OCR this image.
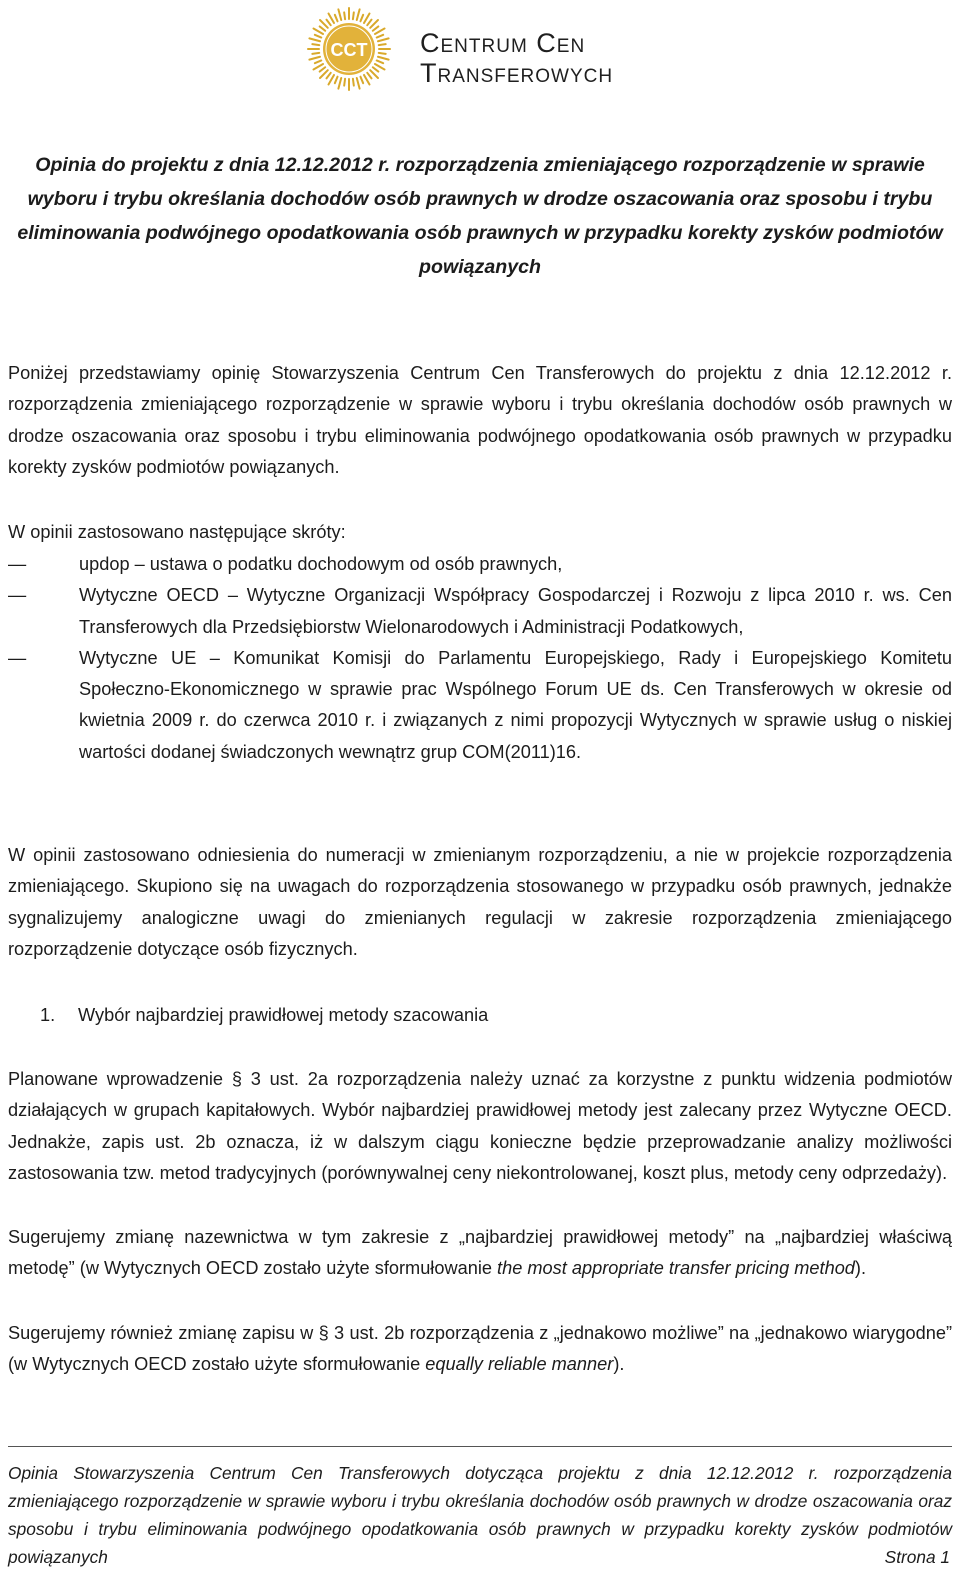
CCT Centrum Cen
Transferowych
Opinia do projektu z dnia 12.12.2012 r. rozporządzenia zmieniającego rozporządzenie w sprawie wyboru i trybu określania dochodów osób prawnych w drodze oszacowania oraz sposobu i trybu eliminowania podwójnego opodatkowania osób prawnych w przypadku korekty zysków podmiotów powiązanych

Poniżej przedstawiamy opinię Stowarzyszenia Centrum Cen Transferowych do projektu z dnia 12.12.2012 r. rozporządzenia zmieniającego rozporządzenie w sprawie wyboru i trybu określania dochodów osób prawnych w drodze oszacowania oraz sposobu i trybu eliminowania podwójnego opodatkowania osób prawnych w przypadku korekty zysków podmiotów powiązanych.

W opinii zastosowano następujące skróty:

—	updop – ustawa o podatku dochodowym od osób prawnych,
—	Wytyczne OECD – Wytyczne Organizacji Współpracy Gospodarczej i Rozwoju z lipca 2010 r. ws. Cen Transferowych dla Przedsiębiorstw Wielonarodowych i Administracji Podatkowych,
—	Wytyczne UE – Komunikat Komisji do Parlamentu Europejskiego, Rady i Europejskiego Komitetu Społeczno-Ekonomicznego w sprawie prac Wspólnego Forum UE ds. Cen Transferowych w okresie od kwietnia 2009 r. do czerwca 2010 r. i związanych z nimi propozycji Wytycznych w sprawie usług o niskiej wartości dodanej świadczonych wewnątrz grup COM(2011)16.

W opinii zastosowano odniesienia do numeracji w zmienianym rozporządzeniu, a nie w projekcie rozporządzenia zmieniającego. Skupiono się na uwagach do rozporządzenia stosowanego w przypadku osób prawnych, jednakże sygnalizujemy analogiczne uwagi do zmienianych regulacji w zakresie rozporządzenia zmieniającego rozporządzenie dotyczące osób fizycznych.

1. Wybór najbardziej prawidłowej metody szacowania

Planowane wprowadzenie § 3 ust. 2a rozporządzenia należy uznać za korzystne z punktu widzenia podmiotów działających w grupach kapitałowych. Wybór najbardziej prawidłowej metody jest zalecany przez Wytyczne OECD. Jednakże, zapis ust. 2b oznacza, iż w dalszym ciągu konieczne będzie przeprowadzanie analizy możliwości zastosowania tzw. metod tradycyjnych (porównywalnej ceny niekontrolowanej, koszt plus, metody ceny odprzedaży).

Sugerujemy zmianę nazewnictwa w tym zakresie z „najbardziej prawidłowej metody” na „najbardziej właściwą metodę” (w Wytycznych OECD zostało użyte sformułowanie the most appropriate transfer pricing method).

Sugerujemy również zmianę zapisu w § 3 ust. 2b rozporządzenia z „jednakowo możliwe” na „jednakowo wiarygodne” (w Wytycznych OECD zostało użyte sformułowanie equally reliable manner).

Opinia Stowarzyszenia Centrum Cen Transferowych dotycząca projektu z dnia 12.12.2012 r. rozporządzenia zmieniającego rozporządzenie w sprawie wyboru i trybu określania dochodów osób prawnych w drodze oszacowania oraz sposobu i trybu eliminowania podwójnego opodatkowania osób prawnych w przypadku korekty zysków podmiotów powiązanych	Strona 1
